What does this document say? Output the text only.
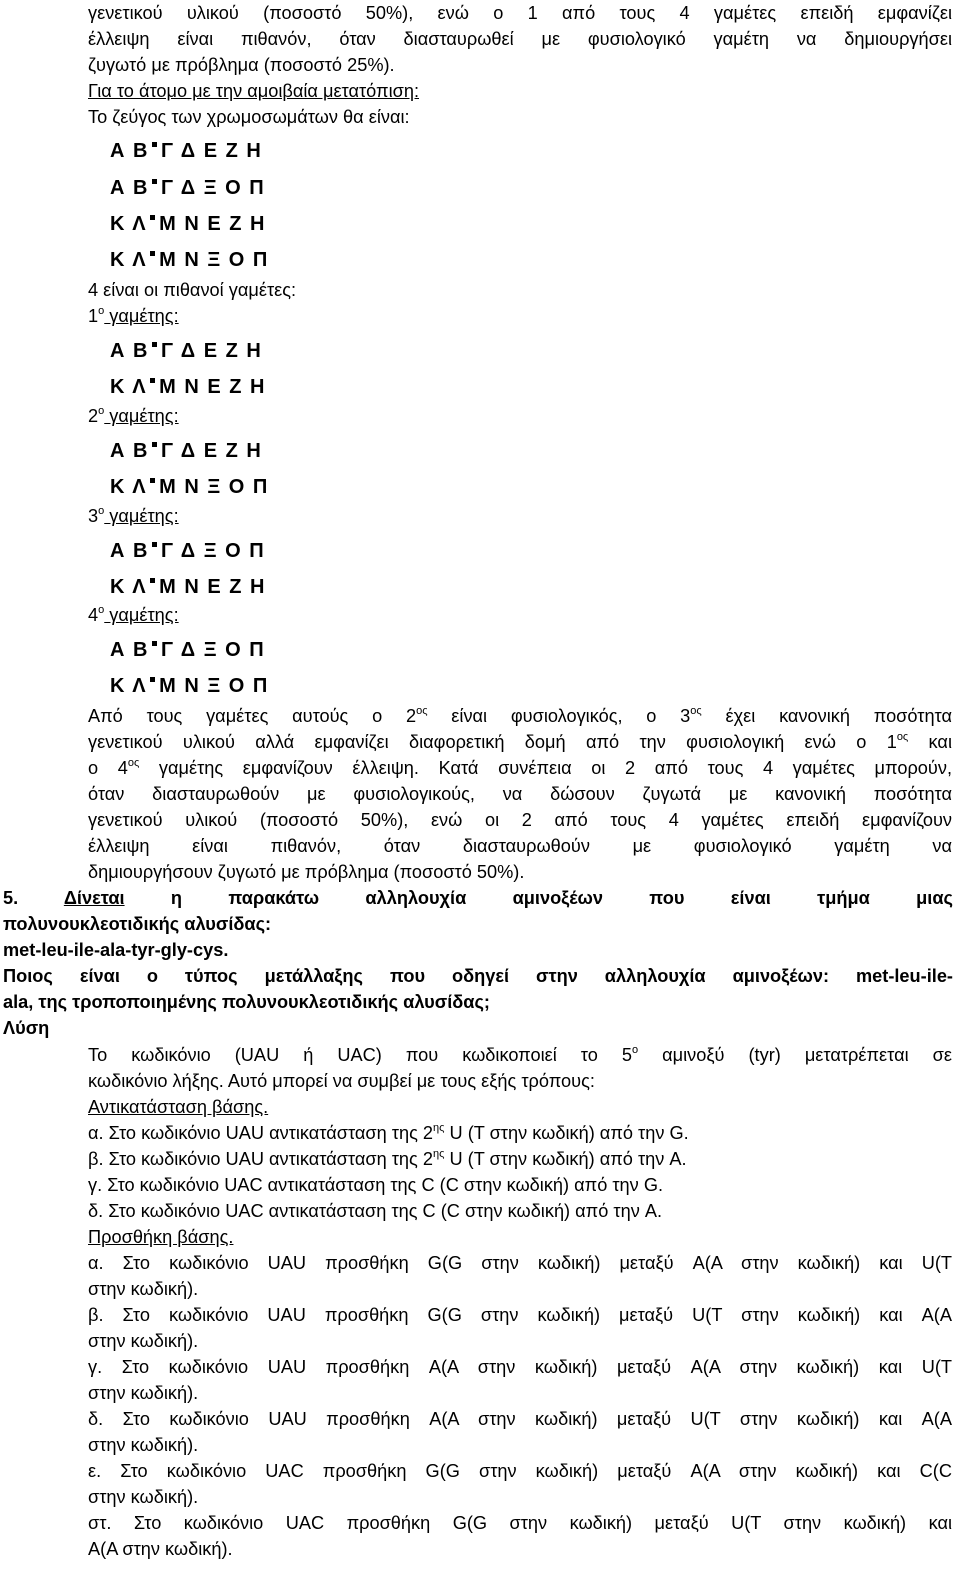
γενετικού υλικού (ποσοστό 50%), ενώ ο 1 από τους 4 γαμέτες επειδή εμφανίζει
έλλειψη είναι πιθανόν, όταν διασταυρωθεί με φυσιολογικό γαμέτη να δημιουργήσει
ζυγωτό με πρόβλημα (ποσοστό 25%).
Για το άτομο με την αμοιβαία μετατόπιση:
Το ζεύγος των χρωμοσωμάτων θα είναι:
Α Β Γ Δ Ε Ζ Η
Α Β Γ Δ Ξ Ο Π
Κ Λ Μ Ν Ε Ζ Η
Κ Λ Μ Ν Ξ Ο Π
4 είναι οι πιθανοί γαμέτες:
$1^o$ γαμέτης:
Α Β Γ Δ Ε Ζ Η
Κ Λ Μ Ν Ε Ζ Η
$2^o$ γαμέτης:
Α Β Γ Δ Ε Ζ Η
Κ Λ Μ Ν Ξ Ο Π
$3^o$ γαμέτης:
Α Β Γ Δ Ξ Ο Π
Κ Λ Μ Ν Ε Ζ Η
$4^o$ γαμέτης:
Α Β Γ Δ Ξ Ο Π
Κ Λ Μ Ν Ξ Ο Π
Από τους γαμέτες αυτούς ο $2^{o\varsigma}$ είναι φυσιολογικός, ο $3^{o\varsigma}$ έχει κανονική ποσότητα
γενετικού υλικού αλλά εμφανίζει διαφορετική δομή από την φυσιολογική ενώ ο $1^{o\varsigma}$ και
ο $4^{o\varsigma}$ γαμέτης εμφανίζουν έλλειψη. Κατά συνέπεια οι 2 από τους 4 γαμέτες μπορούν,
όταν διασταυρωθούν με φυσιολογικούς, να δώσουν ζυγωτά με κανονική ποσότητα
γενετικού υλικού (ποσοστό 50%), ενώ οι 2 από τους 4 γαμέτες επειδή εμφανίζουν
έλλειψη είναι πιθανόν, όταν διασταυρωθούν με φυσιολογικό γαμέτη να
δημιουργήσουν ζυγωτό με πρόβλημα (ποσοστό 50%).
5.	Δίνεται η παρακάτω αλληλουχία αμινοξέων που είναι τμήμα μιας
πολυνουκλεοτιδικής αλυσίδας:
met-leu-ile-ala-tyr-gly-cys.
Ποιος είναι ο τύπος μετάλλαξης που οδηγεί στην αλληλουχία αμινοξέων: met-leu-ile-
ala, της τροποποιημένης πολυνουκλεοτιδικής αλυσίδας;
Λύση
Το κωδικόνιο (UAU ή UAC) που κωδικοποιεί το $5^o$ αμινοξύ (tyr) μετατρέπεται σε
κωδικόνιο λήξης. Αυτό μπορεί να συμβεί με τους εξής τρόπους:
Αντικατάσταση βάσης.
α. Στο κωδικόνιο UAU αντικατάσταση της $2^{\eta\varsigma}$ U (Τ στην κωδική) από την G.
β. Στο κωδικόνιο UAU αντικατάσταση της $2^{\eta\varsigma}$ U (Τ στην κωδική) από την A.
γ. Στο κωδικόνιο UAC αντικατάσταση της C (C στην κωδική) από την G.
δ. Στο κωδικόνιο UAC αντικατάσταση της C (C στην κωδική) από την A.
Προσθήκη βάσης.
α. Στο κωδικόνιο UAU προσθήκη G(G στην κωδική) μεταξύ A(A στην κωδική) και U(T
στην κωδική).
β. Στο κωδικόνιο UAU προσθήκη G(G στην κωδική) μεταξύ U(T στην κωδική) και A(A
στην κωδική).
γ. Στο κωδικόνιο UAU προσθήκη A(A στην κωδική) μεταξύ A(A στην κωδική) και U(T
στην κωδική).
δ. Στο κωδικόνιο UAU προσθήκη A(A στην κωδική) μεταξύ U(T στην κωδική) και A(A
στην κωδική).
ε. Στο κωδικόνιο UAC προσθήκη G(G στην κωδική) μεταξύ A(A στην κωδική) και C(C
στην κωδική).
στ. Στο κωδικόνιο UAC προσθήκη G(G στην κωδική) μεταξύ U(T στην κωδική) και
A(A στην κωδική).
